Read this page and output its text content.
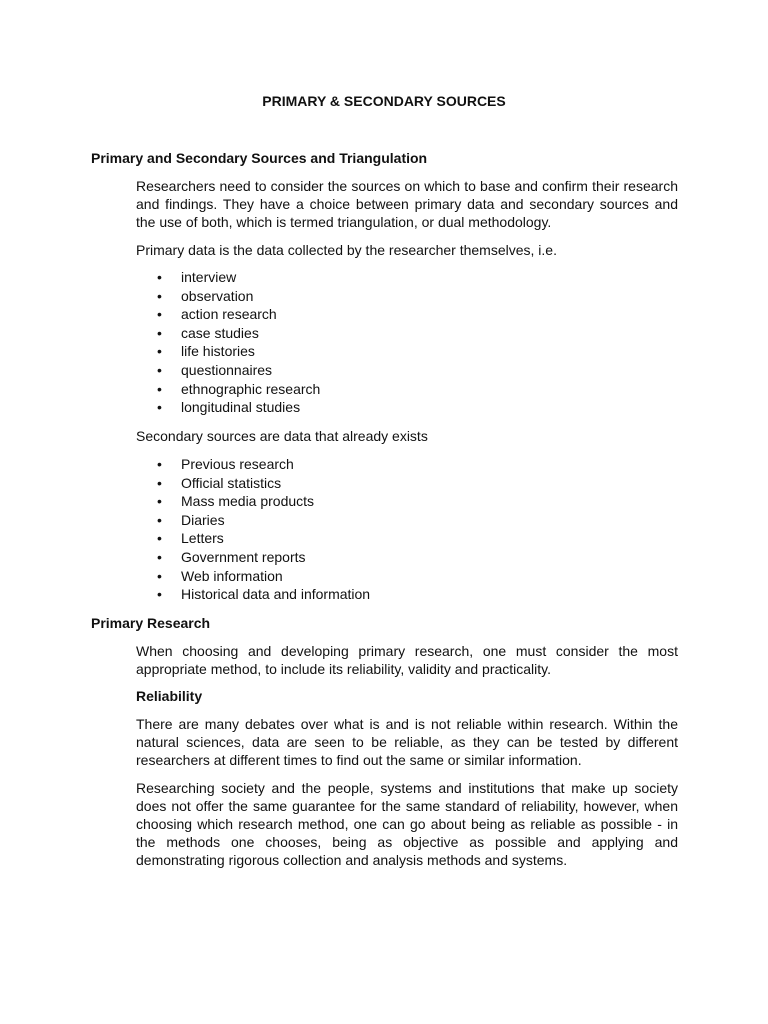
PRIMARY & SECONDARY SOURCES
Primary and Secondary Sources and Triangulation

Researchers need to consider the sources on which to base and confirm their research and findings. They have a choice between primary data and secondary sources and the use of both, which is termed triangulation, or dual methodology.

Primary data is the data collected by the researcher themselves, i.e.

• interview
• observation
• action research
• case studies
• life histories
• questionnaires
• ethnographic research
• longitudinal studies

Secondary sources are data that already exists

• Previous research
• Official statistics
• Mass media products
• Diaries
• Letters
• Government reports
• Web information
• Historical data and information
Primary Research

When choosing and developing primary research, one must consider the most appropriate method, to include its reliability, validity and practicality.

Reliability

There are many debates over what is and is not reliable within research. Within the natural sciences, data are seen to be reliable, as they can be tested by different researchers at different times to find out the same or similar information.

Researching society and the people, systems and institutions that make up society does not offer the same guarantee for the same standard of reliability, however, when choosing which research method, one can go about being as reliable as possible - in the methods one chooses, being as objective as possible and applying and demonstrating rigorous collection and analysis methods and systems.
